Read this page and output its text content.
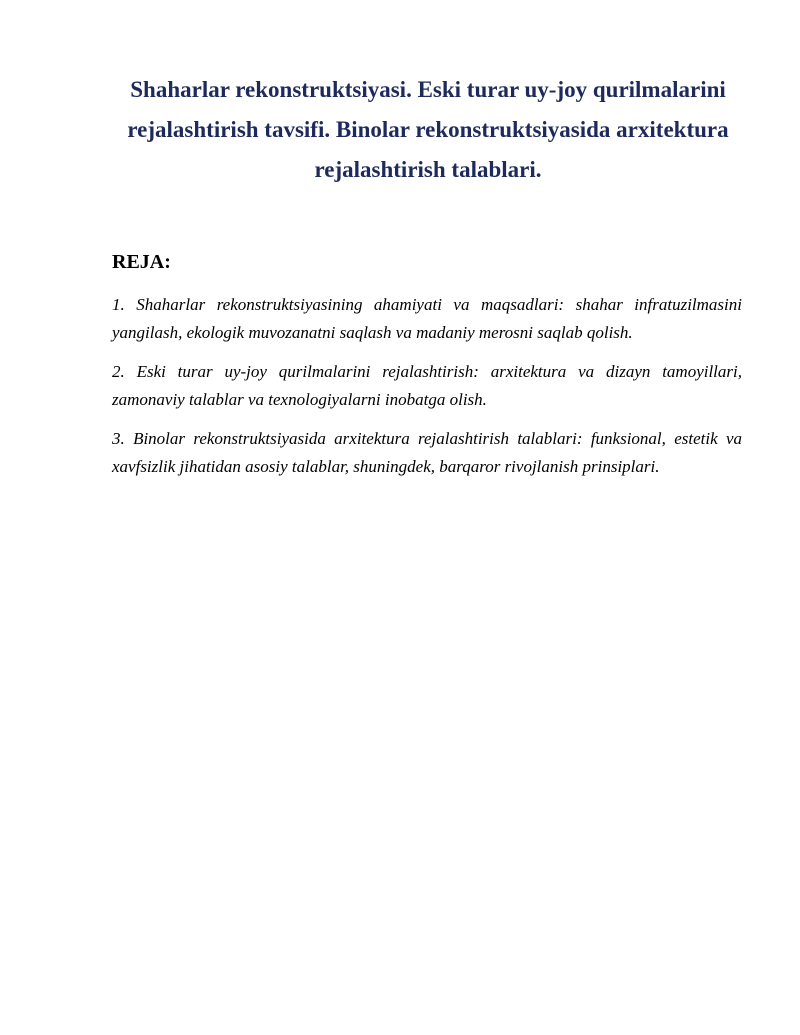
Shaharlar rekonstruktsiyasi. Eski turar uy-joy qurilmalarini rejalashtirish tavsifi. Binolar rekonstruktsiyasida arxitektura rejalashtirish talablari.
REJA:
1. Shaharlar rekonstruktsiyasining ahamiyati va maqsadlari: shahar infratuzilmasini yangilash, ekologik muvozanatni saqlash va madaniy merosni saqlab qolish.
2. Eski turar uy-joy qurilmalarini rejalashtirish: arxitektura va dizayn tamoyillari, zamonaviy talablar va texnologiyalarni inobatga olish.
3. Binolar rekonstruktsiyasida arxitektura rejalashtirish talablari: funksional, estetik va xavfsizlik jihatidan asosiy talablar, shuningdek, barqaror rivojlanish prinsiplari.
